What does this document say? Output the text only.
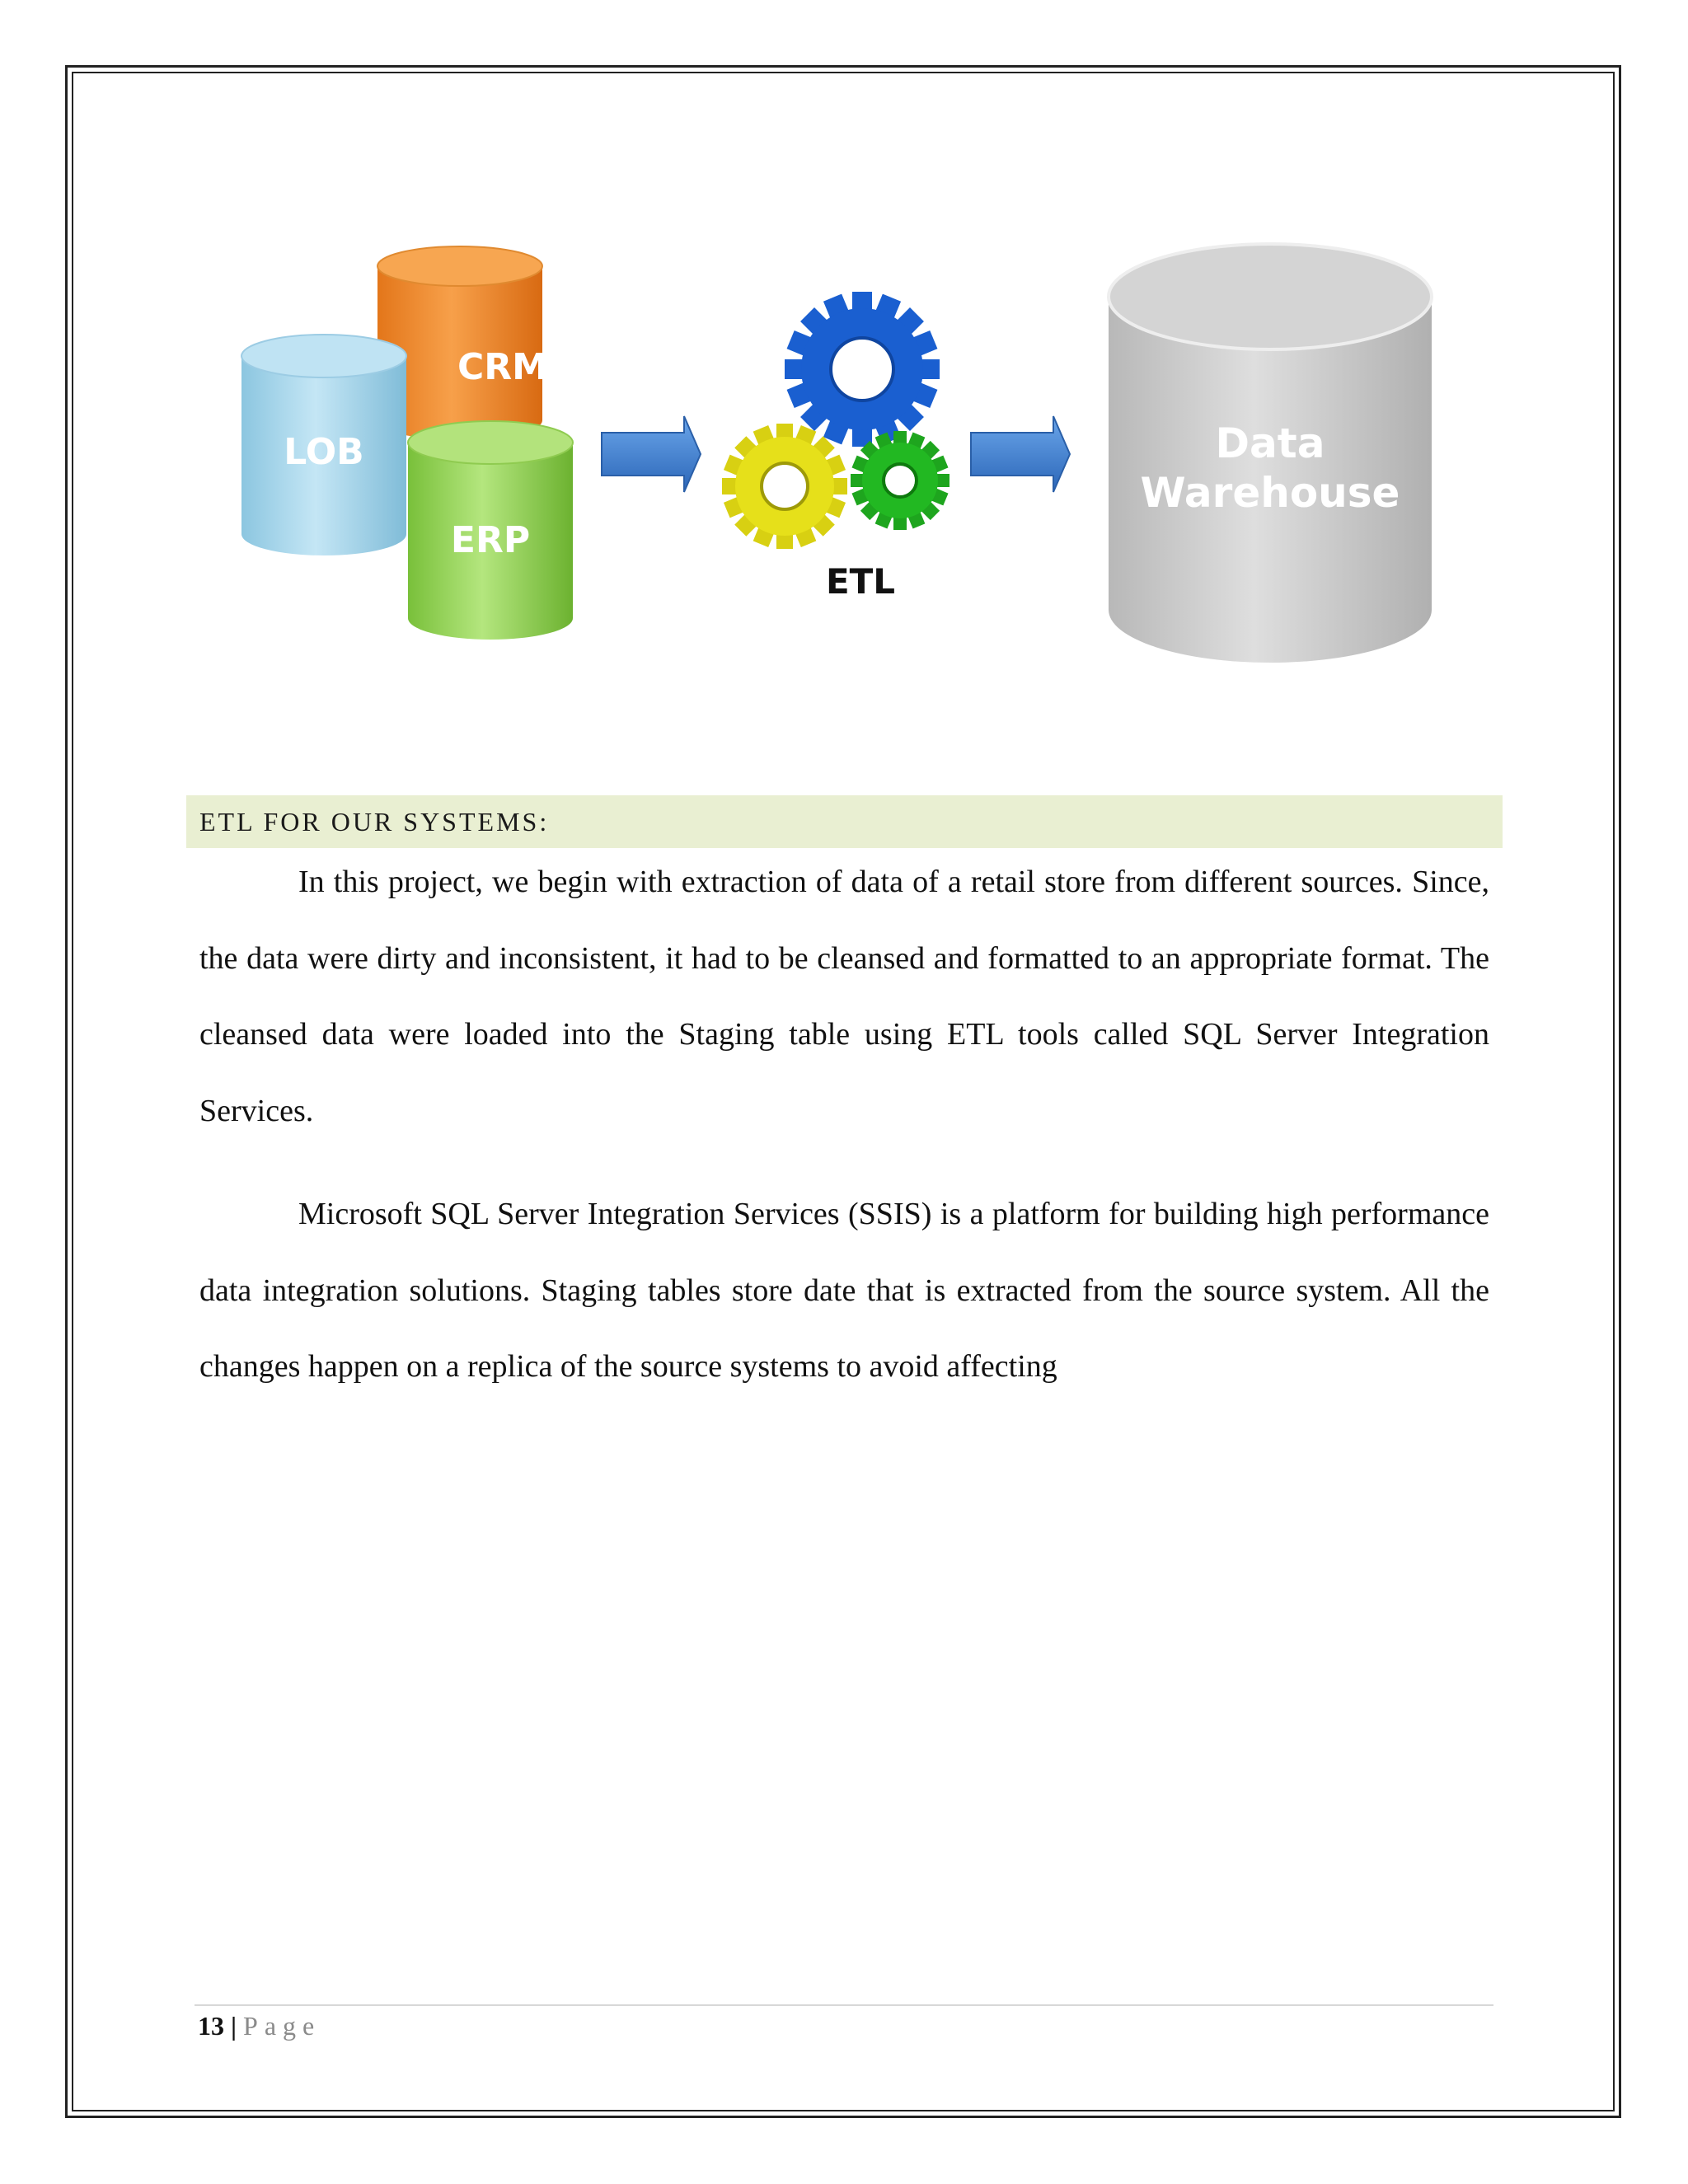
CRM
LOB
ERP
ETL
Data
Warehouse
ETL FOR OUR SYSTEMS:

In this project, we begin with extraction of data of a retail store from different sources. Since, the data were dirty and inconsistent, it had to be cleansed and formatted to an appropriate format. The cleansed data were loaded into the Staging table using ETL tools called SQL Server Integration Services.

Microsoft SQL Server Integration Services (SSIS) is a platform for building high performance data integration solutions. Staging tables store date that is extracted from the source system. All the changes happen on a replica of the source systems to avoid affecting

13 | Page
